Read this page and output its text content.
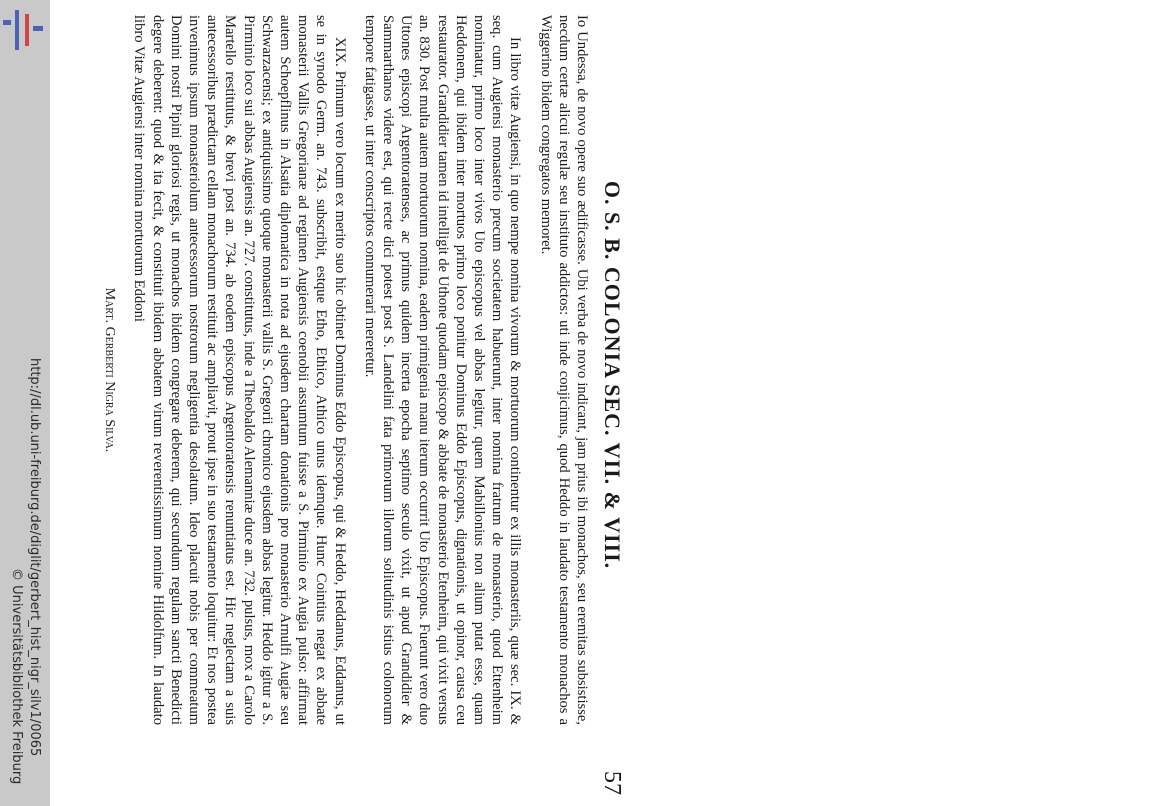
http://dl.ub.uni-freiburg.de/diglit/gerbert_hist_nigr_silv1/0065
© Universitätsbibliothek Freiburg
O. S. B. COLONIA SEC. VII. & VIII.
57

Io Undessa, de novo opere suo ædificasse. Ubi verba de novo indicant, jam prius ibi monachos, seu eremitas subsistisse, necdum certæ alicui regulæ seu instituto addictos: uti inde conjicimus, quod Heddo in laudato testamento monachos a Wiggerino ibidem congregatos memoret.

In libro vitæ Augiensi, in quo nempe nomina vivorum & mortuorum continentur ex illis monasteriis, quæ sec. IX. & seq. cum Augiensi monasterio precum societatem habuerunt, inter nomina fratrum de monasterio, quod Ettenheim nominatur, primo loco inter vivos Uto episcopus vel abbas legitur, quem Mabillonius non alium putat esse, quam Heddonem, qui ibidem inter mortuos primo loco ponitur Dominus Eddo Episcopus, dignationis, ut opinor, causa ceu restaurator. Grandidier tamen id intelligit de Uthone quodam episcopo & abbate de monasterio Etenheim, qui vixit versus an. 830. Post multa autem mortuorum nomina, eadem primigenia manu iterum occurrit Uto Episcopus. Fuerunt vero duo Uttones episcopi Argentoratenses, ac primus quidem incerta epocha septimo seculo vixit, ut apud Grandidier & Sammarthanos videre est, qui recte dici potest post S. Landelini fata primorum illorum solitudinis istius colonorum tempore fatigasse, ut inter conscriptos connumerari mereretur.

XIX. Primum vero locum ex merito suo hic obtinet Dominus Eddo Episcopus, qui & Heddo, Heddanus, Eddanus, ut se in synodo Germ. an. 743. subscribit, estque Etho, Ethico, Athico unus idemque. Hunc Cointius negat ex abbate monasterii Vallis Gregorianæ ad regimen Augiensis coenobii assumtum fuisse a S. Pirminio ex Augia pulso: affirmat autem Schoepflinus in Alsatia diplomatica in nota ad ejusdem chartam donationis pro monasterio Arnulfi Augiæ seu Schwarzacensi; ex antiquissimo quoque monasterii vallis S. Gregorii chronico ejusdem abbas legitur. Heddo igitur a S. Pirminio loco sui abbas Augiensis an. 727. constitutus, inde a Theobaldo Alemanniæ duce an. 732. pulsus, mox a Carolo Martello restitutus, & brevi post an. 734. ab eodem episcopus Argentoratensis renuntiatus est. Hic neglectam a suis antecessoribus prædictam cellam monachorum restituit ac ampliavit, prout ipse in suo testamento loquitur: Et nos postea invenimus ipsum monasteriolum antecessorum nostrorum negligentia desolatum. Ideo placuit nobis per commeatum Domini nostri Pipini gloriosi regis, ut monachos ibidem congregare deberem, qui secundum regulam sancti Benedicti degere deberent: quod & ita fecit, & constituit ibidem abbatem virum reverentissimum nomine Hildolfum. In laudato libro Vitæ Augiensi inter nomina mortuorum Eddoni

Mart. Gerberti Nigra Silva.
